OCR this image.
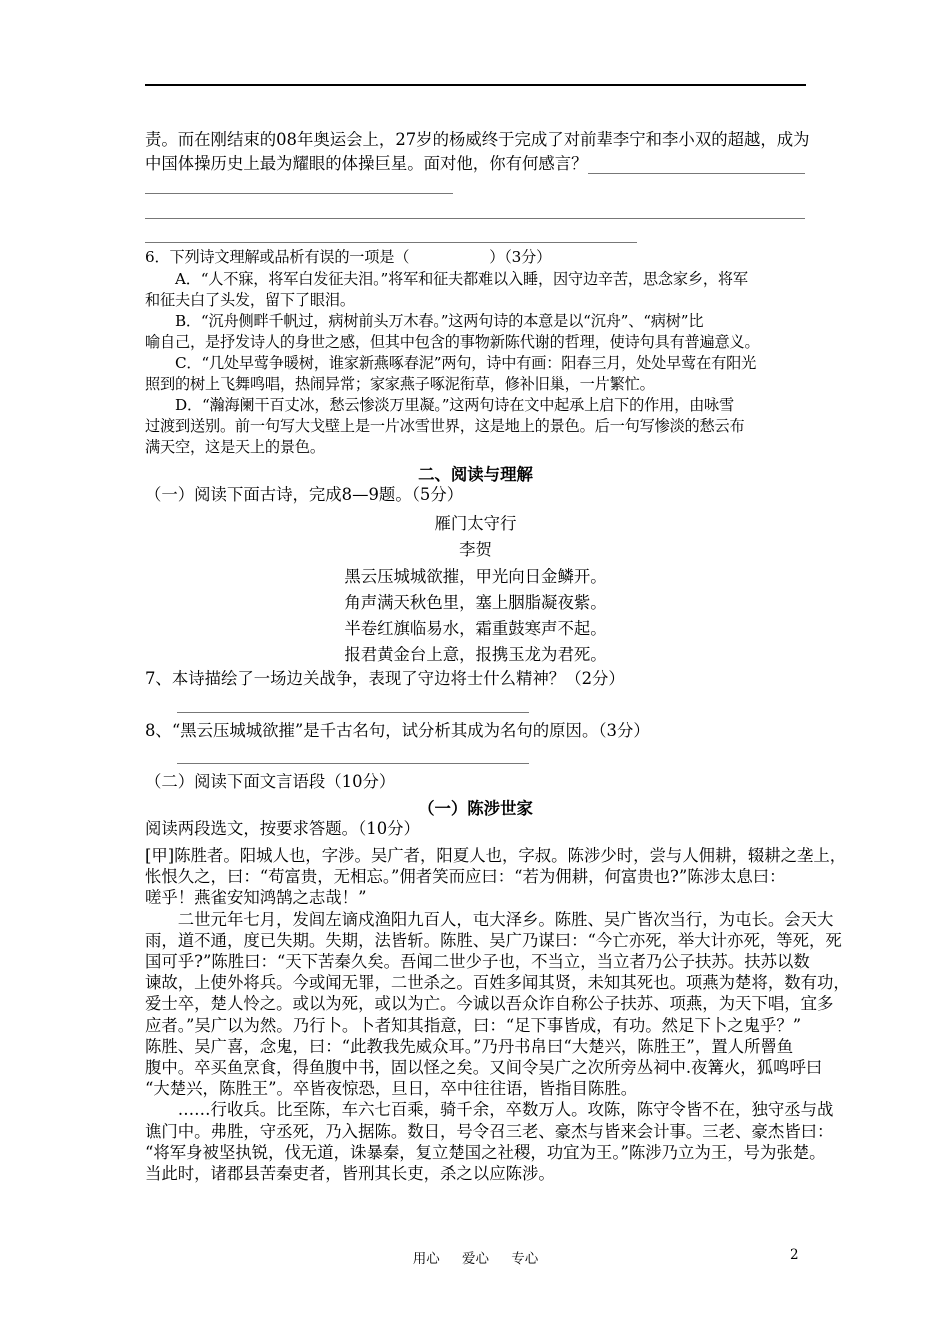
责。而在刚结束的08年奥运会上，27岁的杨威终于完成了对前辈李宁和李小双的超越，成为
中国体操历史上最为耀眼的体操巨星。面对他，你有何感言？
6．下列诗文理解或品析有误的一项是（	）（3分）
　　A．“人不寐，将军白发征夫泪。”将军和征夫都难以入睡，因守边辛苦，思念家乡，将军
和征夫白了头发，留下了眼泪。
　　B．“沉舟侧畔千帆过，病树前头万木春。”这两句诗的本意是以“沉舟”、“病树”比
喻自己，是抒发诗人的身世之感，但其中包含的事物新陈代谢的哲理，使诗句具有普遍意义。
　　C．“几处早莺争暖树，谁家新燕啄春泥”两句，诗中有画：阳春三月，处处早莺在有阳光
照到的树上飞舞鸣唱，热闹异常；家家燕子啄泥衔草，修补旧巢，一片繁忙。
　　D．“瀚海阑干百丈冰，愁云惨淡万里凝。”这两句诗在文中起承上启下的作用，由咏雪
过渡到送别。前一句写大戈壁上是一片冰雪世界，这是地上的景色。后一句写惨淡的愁云布
满天空，这是天上的景色。
二、阅读与理解
（一）阅读下面古诗，完成8—9题。（5分）
雁门太守行
李贺
黑云压城城欲摧，甲光向日金鳞开。
角声满天秋色里，塞上胭脂凝夜紫。
半卷红旗临易水，霜重鼓寒声不起。
报君黄金台上意，报携玉龙为君死。
7、本诗描绘了一场边关战争，表现了守边将士什么精神？（2分）
8、“黑云压城城欲摧”是千古名句，试分析其成为名句的原因。（3分）
（二）阅读下面文言语段（10分）
（一）陈涉世家
阅读两段选文，按要求答题。（10分）
[甲]陈胜者。阳城人也，字涉。吴广者，阳夏人也，字叔。陈涉少时，尝与人佣耕，辍耕之垄上，
怅恨久之，曰：“苟富贵，无相忘。”佣者笑而应曰：“若为佣耕，何富贵也?”陈涉太息曰：
嗟乎！燕雀安知鸿鹄之志哉！”
　　二世元年七月，发闾左谪戍渔阳九百人，屯大泽乡。陈胜、吴广皆次当行，为屯长。会天大
雨，道不通，度已失期。失期，法皆斩。陈胜、吴广乃谋曰：“今亡亦死，举大计亦死，等死，死
国可乎?”陈胜曰：“天下苦秦久矣。吾闻二世少子也，不当立，当立者乃公子扶苏。扶苏以数
谏故，上使外将兵。今或闻无罪，二世杀之。百姓多闻其贤，未知其死也。项燕为楚将，数有功，
爱士卒，楚人怜之。或以为死，或以为亡。今诚以吾众诈自称公子扶苏、项燕，为天下唱，宜多
应者。”吴广以为然。乃行卜。卜者知其指意，曰：“足下事皆成，有功。然足下卜之鬼乎？”
陈胜、吴广喜，念鬼，曰：“此教我先威众耳。”乃丹书帛曰“大楚兴，陈胜王”，置人所罾鱼
腹中。卒买鱼烹食，得鱼腹中书，固以怪之矣。又间令吴广之次所旁丛祠中.夜篝火，狐鸣呼曰
“大楚兴，陈胜王”。卒皆夜惊恐，旦日，卒中往往语，皆指目陈胜。
　　……行收兵。比至陈，车六七百乘，骑千余，卒数万人。攻陈，陈守令皆不在，独守丞与战
谯门中。弗胜，守丞死，乃入据陈。数日，号令召三老、豪杰与皆来会计事。三老、豪杰皆曰：
“将军身被坚执锐，伐无道，诛暴秦，复立楚国之社稷，功宜为王。”陈涉乃立为王，号为张楚。
用心 爱心 专心	2
当此时，诸郡县苦秦吏者，皆刑其长吏，杀之以应陈涉。
